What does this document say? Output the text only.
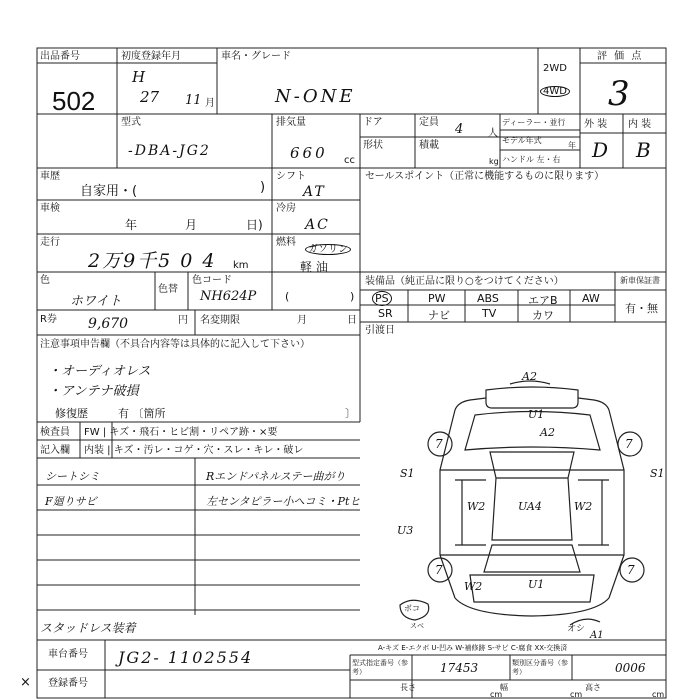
出品番号
502
初度登録年月
H
27 11 月
車名・グレード
N-ONE
2WD
4WD
評 価 点
3
型式
-DBA-JG2
排気量
660 cc
ドア	定員 4 人
ディーラー・並行
モデル年式
年
形状	積載
kg ハンドル 左・右
外 装 内 装
D B
車歴
自家用・(	)
シフト
AT
セールスポイント（正常に機能するものに限ります）
車検
年	月	日)
冷房
AC
走行
2万9千5 0 4 km
燃料
ガソリン
軽 油
色
ホワイト
色替
色コード
NH624P	(	)
装備品（純正品に限り○をつけてください）	新車保証書
有・無
PS	PW	ABS	エアB AW
SR	ナビ	TV	カワ
引渡日
R券 9,670	円 名変期限	月	日
注意事項申告欄（不具合内容等は具体的に記入して下さい）
・オーディオレス
・アンテナ破損
修復歴	有 〔箇所	〕
検査員 FW | キズ・飛石・ヒビ割・リペア跡・×要
記入欄 内装 | キズ・汚レ・コゲ・穴・スレ・キレ・破レ
シートシミ
F廻りサビ
Rエンドパネルステー曲がり
左センタピラー小へコミ・Ptヒ
スタッドレス装着
A2
U1
A2
S1	S1
W2	UA4	W2
U3
U1
W2
7	7
7	7
ボコ
スベ	オシ
A1
A-キズ E-エクボ U-凹み W-補修跡 S-サビ C-腐食 XX-交換済
車台番号 JG2- 1102554	型式指定番号（参 考）	17453	類別区分番号（参 考）	0006
× 登録番号	長さ
cm
幅
cm
高さ
cm
